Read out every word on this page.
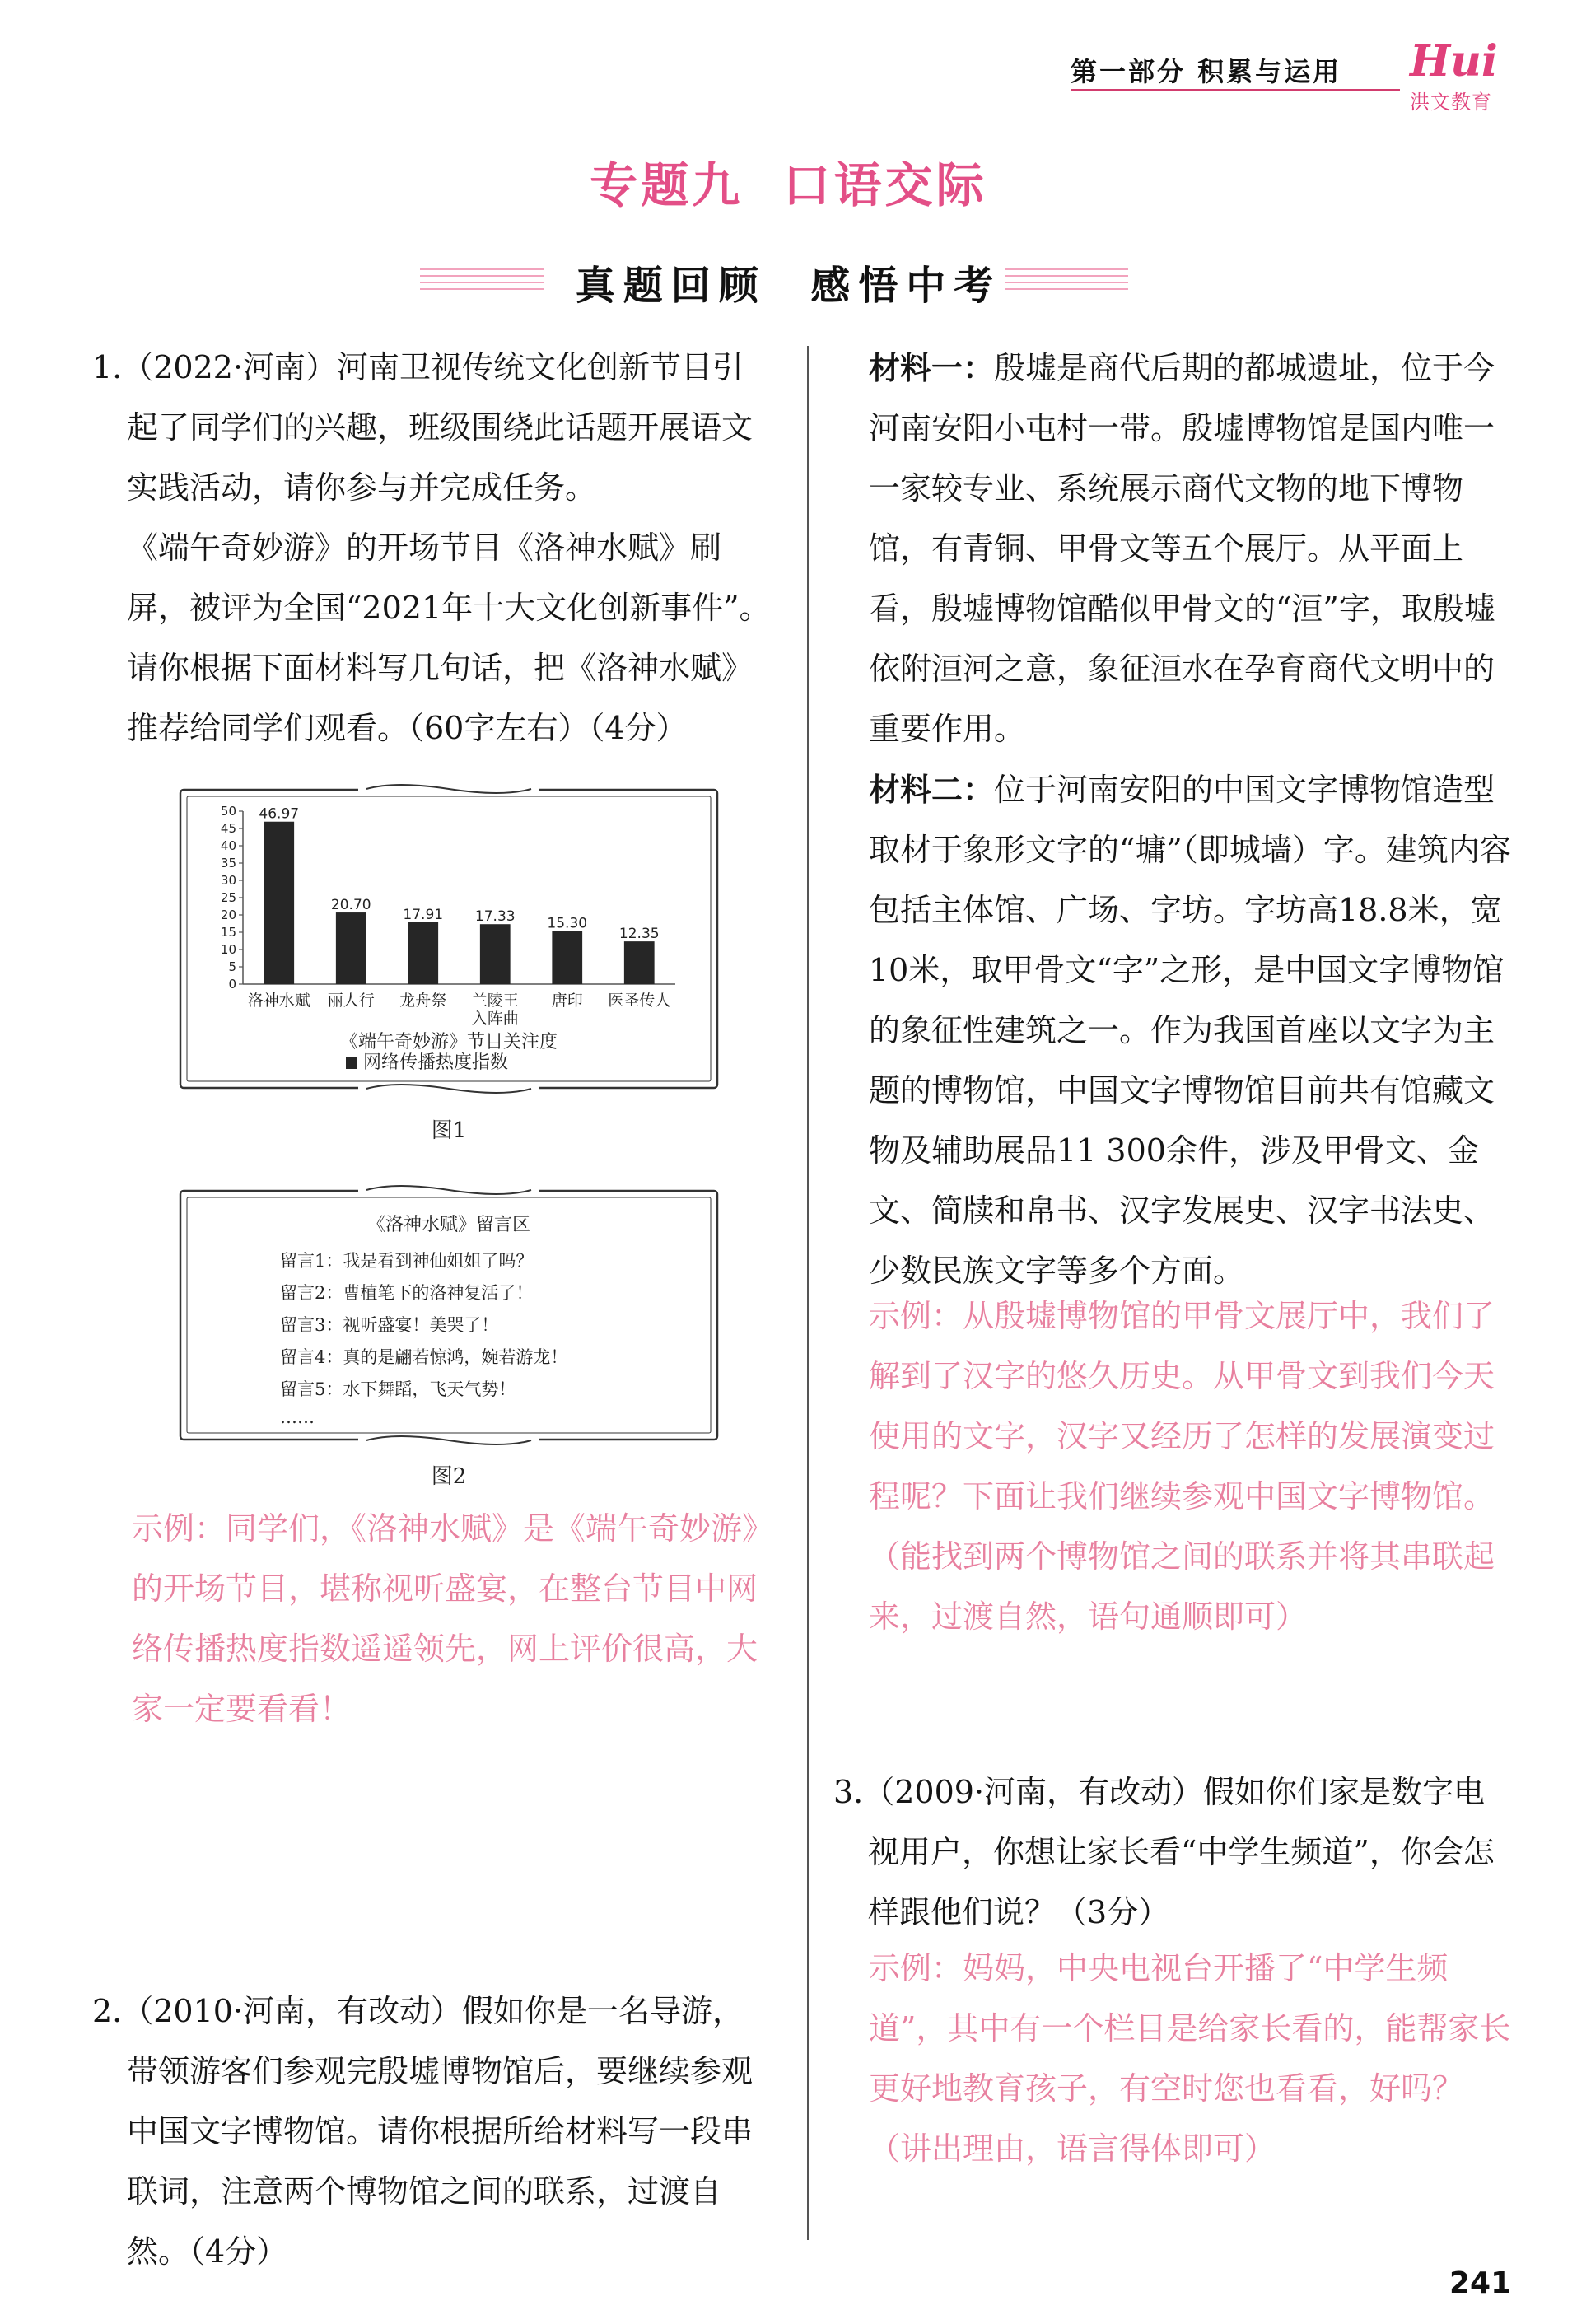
第一部分 积累与运用 Hui
洪文教育
专题九  口语交际
真题回顾  感悟中考

1.（2022·河南）河南卫视传统文化创新节目引起了同学们的兴趣，班级围绕此话题开展语文实践活动，请你参与并完成任务。

《端午奇妙游》的开场节目《洛神水赋》刷屏，被评为全国“2021年十大文化创新事件”。请你根据下面材料写几句话，把《洛神水赋》推荐给同学们观看。（60字左右）（4分）

0
5
10
15
20
25
30
35
40
45
50 46.97
20.70
17.91 17.33 15.30
12.35
洛神水赋 丽人行 龙舟祭 兰陵王
入阵曲
唐印 医圣传人
《端午奇妙游》节目关注度
网络传播热度指数
图1
《洛神水赋》留言区
留言1：我是看到神仙姐姐了吗？
留言2：曹植笔下的洛神复活了！
留言3：视听盛宴！美哭了！
留言4：真的是翩若惊鸿，婉若游龙！
留言5：水下舞蹈，飞天气势！
……
图2
示例：同学们，《洛神水赋》是《端午奇妙游》的开场节目，堪称视听盛宴，在整台节目中网络传播热度指数遥遥领先，网上评价很高，大家一定要看看！

2.（2010·河南，有改动）假如你是一名导游，带领游客们参观完殷墟博物馆后，要继续参观中国文字博物馆。请你根据所给材料写一段串联词，注意两个博物馆之间的联系，过渡自然。（4分）

材料一：殷墟是商代后期的都城遗址，位于今河南安阳小屯村一带。殷墟博物馆是国内唯一一家较专业、系统展示商代文物的地下博物馆，有青铜、甲骨文等五个展厅。从平面上看，殷墟博物馆酷似甲骨文的“洹”字，取殷墟依附洹河之意，象征洹水在孕育商代文明中的重要作用。

材料二：位于河南安阳的中国文字博物馆造型取材于象形文字的“墉”（即城墙）字。建筑内容包括主体馆、广场、字坊。字坊高18.8米，宽10米，取甲骨文“字”之形，是中国文字博物馆的象征性建筑之一。作为我国首座以文字为主题的博物馆，中国文字博物馆目前共有馆藏文物及辅助展品11 300余件，涉及甲骨文、金文、简牍和帛书、汉字发展史、汉字书法史、少数民族文字等多个方面。

示例：从殷墟博物馆的甲骨文展厅中，我们了解到了汉字的悠久历史。从甲骨文到我们今天使用的文字，汉字又经历了怎样的发展演变过程呢？下面让我们继续参观中国文字博物馆。（能找到两个博物馆之间的联系并将其串联起来，过渡自然，语句通顺即可）

3.（2009·河南，有改动）假如你们家是数字电视用户，你想让家长看“中学生频道”，你会怎样跟他们说？（3分）

示例：妈妈，中央电视台开播了“中学生频道”，其中有一个栏目是给家长看的，能帮家长更好地教育孩子，有空时您也看看，好吗？（讲出理由，语言得体即可）
241
